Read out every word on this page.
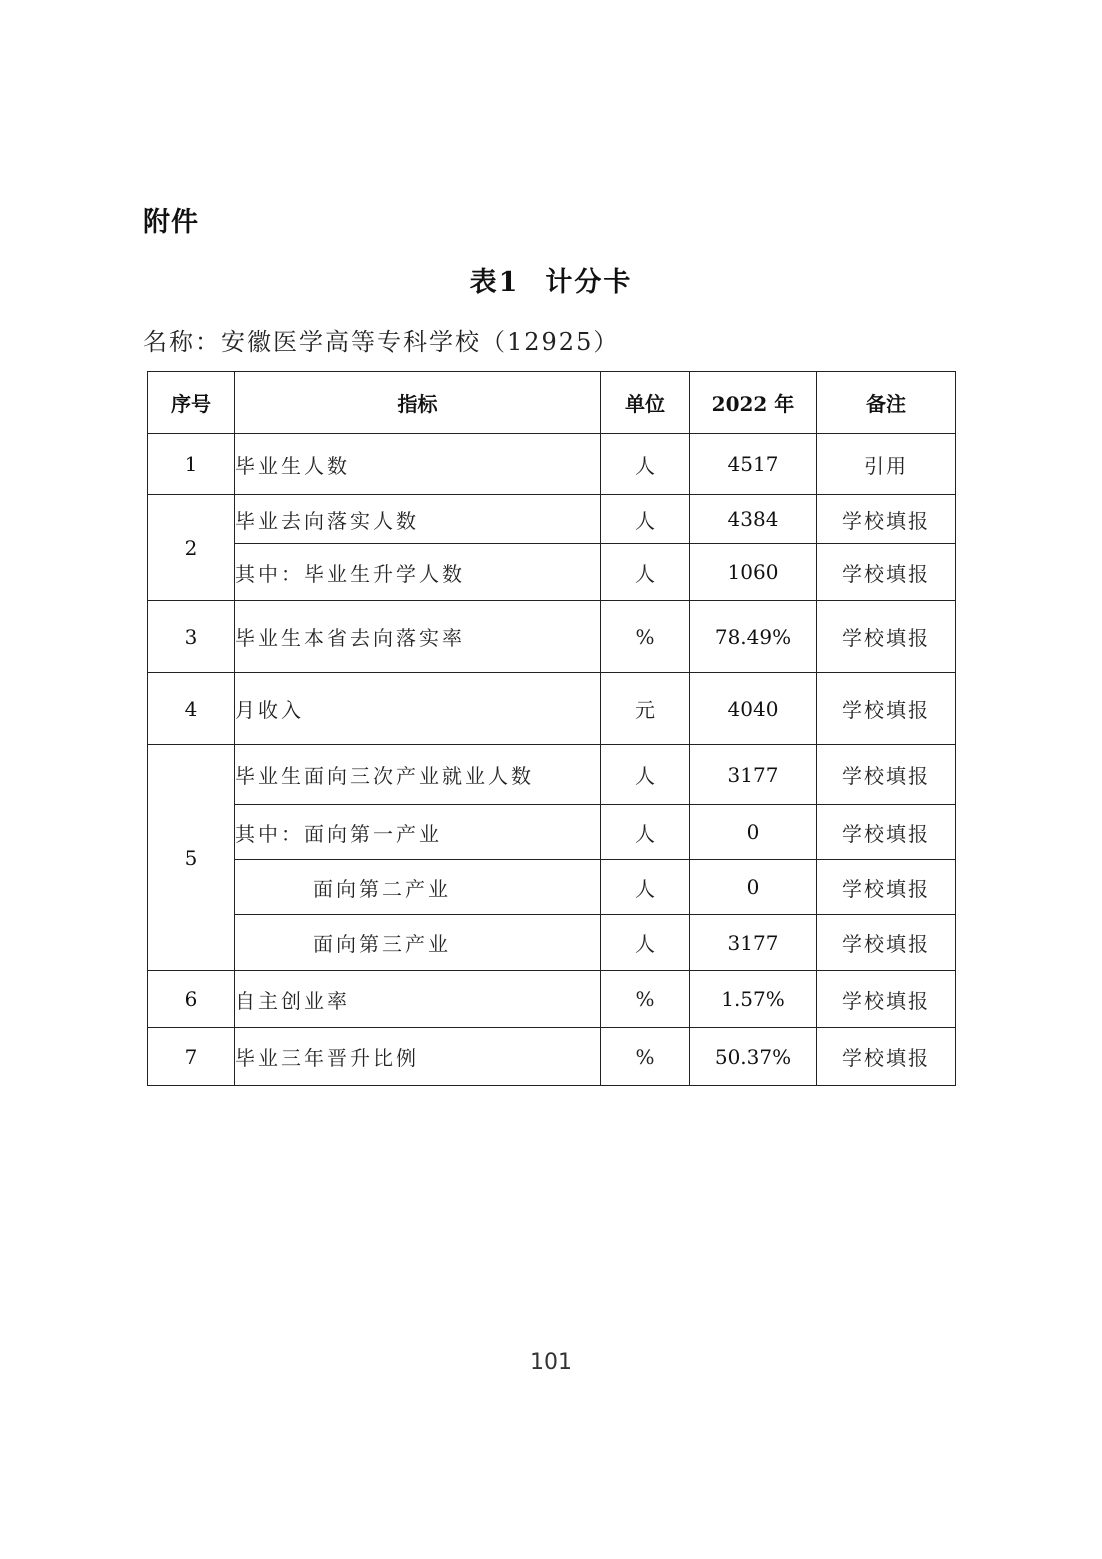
附件
表1 计分卡
名称：安徽医学高等专科学校（12925）
序号	指标	单位	2022 年	备注
1	毕业生人数	人	4517	引用
2	毕业去向落实人数	人	4384	学校填报
	其中：毕业生升学人数	人	1060	学校填报
3	毕业生本省去向落实率	%	78.49%	学校填报
4	月收入	元	4040	学校填报
5	毕业生面向三次产业就业人数	人	3177	学校填报
	其中：面向第一产业	人	0	学校填报
	面向第二产业	人	0	学校填报
	面向第三产业	人	3177	学校填报
6	自主创业率	%	1.57%	学校填报
7	毕业三年晋升比例	%	50.37%	学校填报
101
